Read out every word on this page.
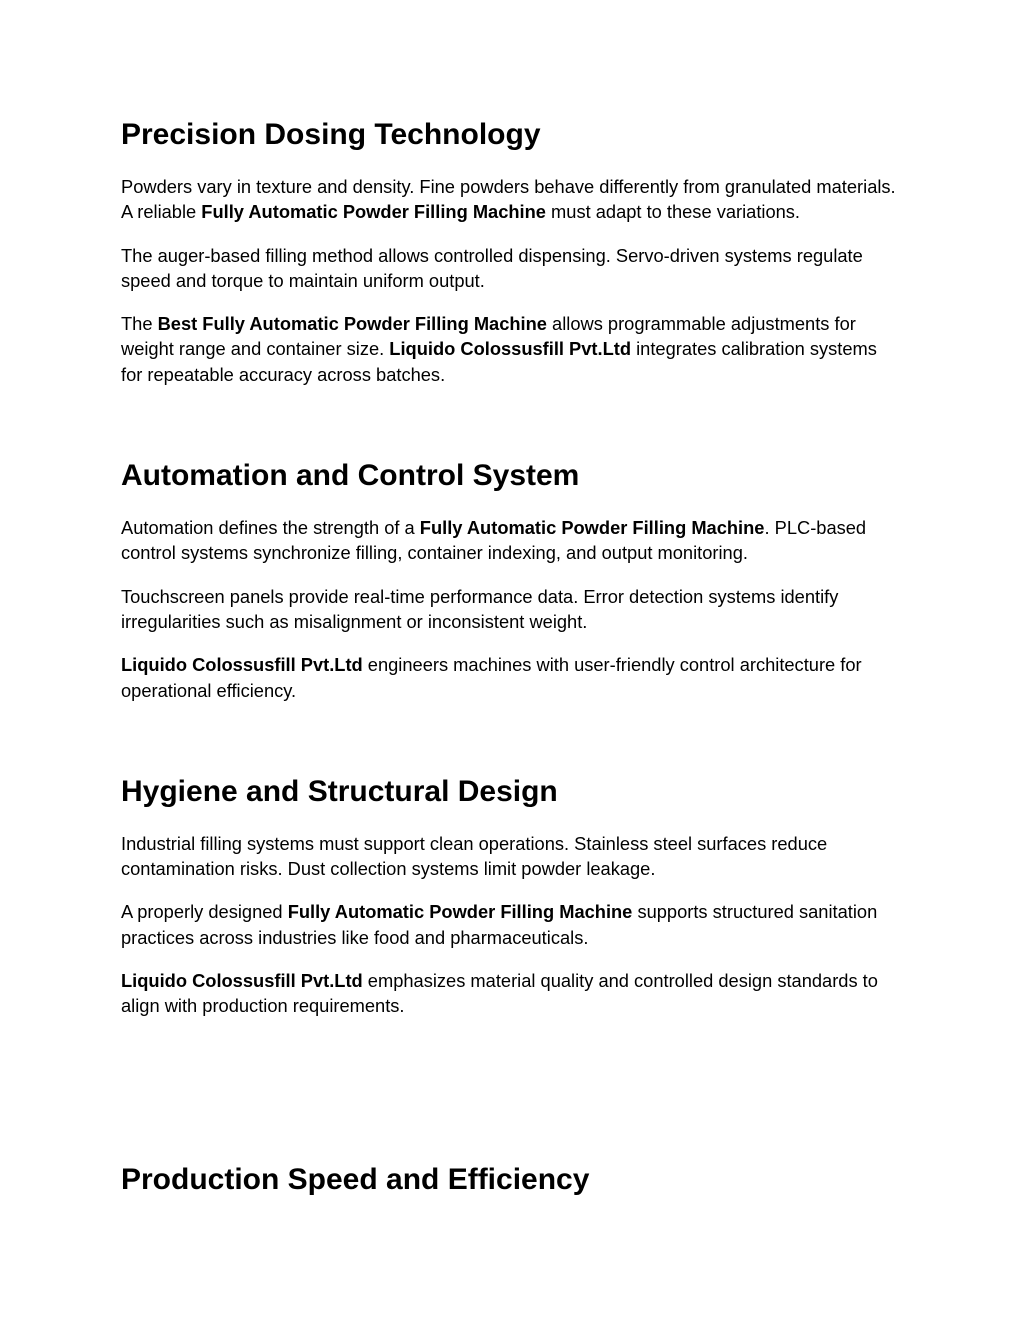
Precision Dosing Technology

Powders vary in texture and density. Fine powders behave differently from granulated materials. A reliable Fully Automatic Powder Filling Machine must adapt to these variations.

The auger-based filling method allows controlled dispensing. Servo-driven systems regulate speed and torque to maintain uniform output.

The Best Fully Automatic Powder Filling Machine allows programmable adjustments for weight range and container size. Liquido Colossusfill Pvt.Ltd integrates calibration systems for repeatable accuracy across batches.

Automation and Control System

Automation defines the strength of a Fully Automatic Powder Filling Machine. PLC-based control systems synchronize filling, container indexing, and output monitoring.

Touchscreen panels provide real-time performance data. Error detection systems identify irregularities such as misalignment or inconsistent weight.

Liquido Colossusfill Pvt.Ltd engineers machines with user-friendly control architecture for operational efficiency.

Hygiene and Structural Design

Industrial filling systems must support clean operations. Stainless steel surfaces reduce contamination risks. Dust collection systems limit powder leakage.

A properly designed Fully Automatic Powder Filling Machine supports structured sanitation practices across industries like food and pharmaceuticals.

Liquido Colossusfill Pvt.Ltd emphasizes material quality and controlled design standards to align with production requirements.

Production Speed and Efficiency
